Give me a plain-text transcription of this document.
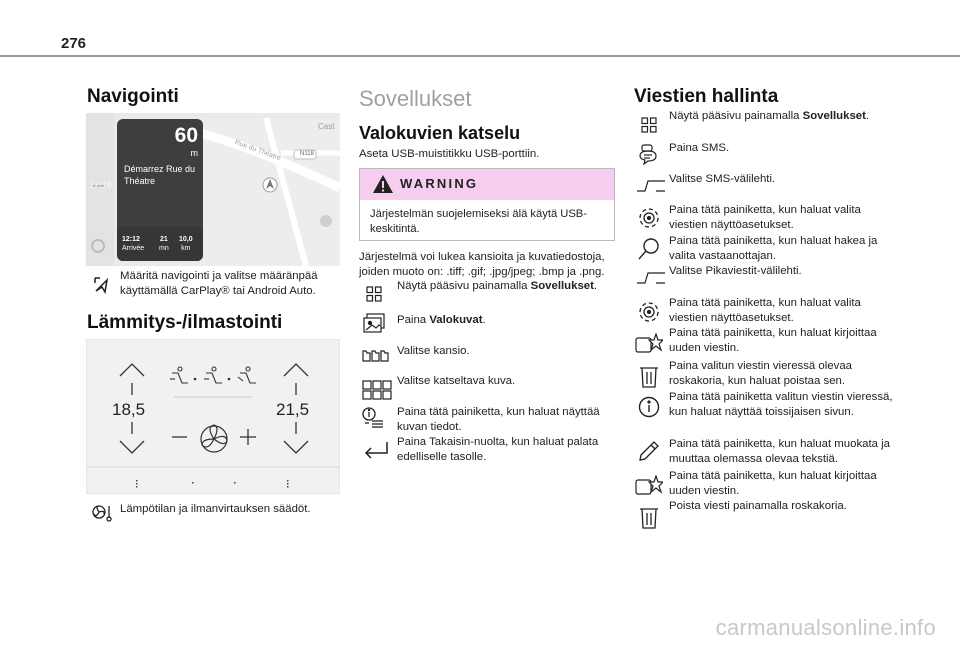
276
Navigointi
60
m
Démarrez Rue du Théatre
17:10
12:12
Arrivée
21
mn
10,0
km
Cast
Rue du Théatre	N118
Määritä navigointi ja valitse määränpää käyttämällä CarPlay® tai Android Auto.
Lämmitys-/ilmastointi
18,5	21,5
Lämpötilan ja ilmanvirtauksen säädöt.
Sovellukset
Valokuvien katselu
Aseta USB-muistitikku USB-porttiin.
WARNING
Järjestelmän suojelemiseksi älä käytä USB-keskitintä.
Järjestelmä voi lukea kansioita ja kuvatiedostoja, joiden muoto on: .tiff; .gif; .jpg/jpeg; .bmp ja .png.
Näytä pääsivu painamalla Sovellukset.
Paina Valokuvat.
Valitse kansio.
Valitse katseltava kuva.
Paina tätä painiketta, kun haluat näyttää kuvan tiedot.
Paina Takaisin-nuolta, kun haluat palata edelliselle tasolle.
Viestien hallinta
Näytä pääsivu painamalla Sovellukset.
Paina SMS.
Valitse SMS-välilehti.
Paina tätä painiketta, kun haluat valita viestien näyttöasetukset.
Paina tätä painiketta, kun haluat hakea ja valita vastaanottajan.
Valitse Pikaviestit-välilehti.
Paina tätä painiketta, kun haluat valita viestien näyttöasetukset.
Paina tätä painiketta, kun haluat kirjoittaa uuden viestin.
Paina valitun viestin vieressä olevaa roskakoria, kun haluat poistaa sen.
Paina tätä painiketta valitun viestin vieressä, kun haluat näyttää toissijaisen sivun.
Paina tätä painiketta, kun haluat muokata ja muuttaa olemassa olevaa tekstiä.
Paina tätä painiketta, kun haluat kirjoittaa uuden viestin.
Poista viesti painamalla roskakoria.
carmanualsonline.info
